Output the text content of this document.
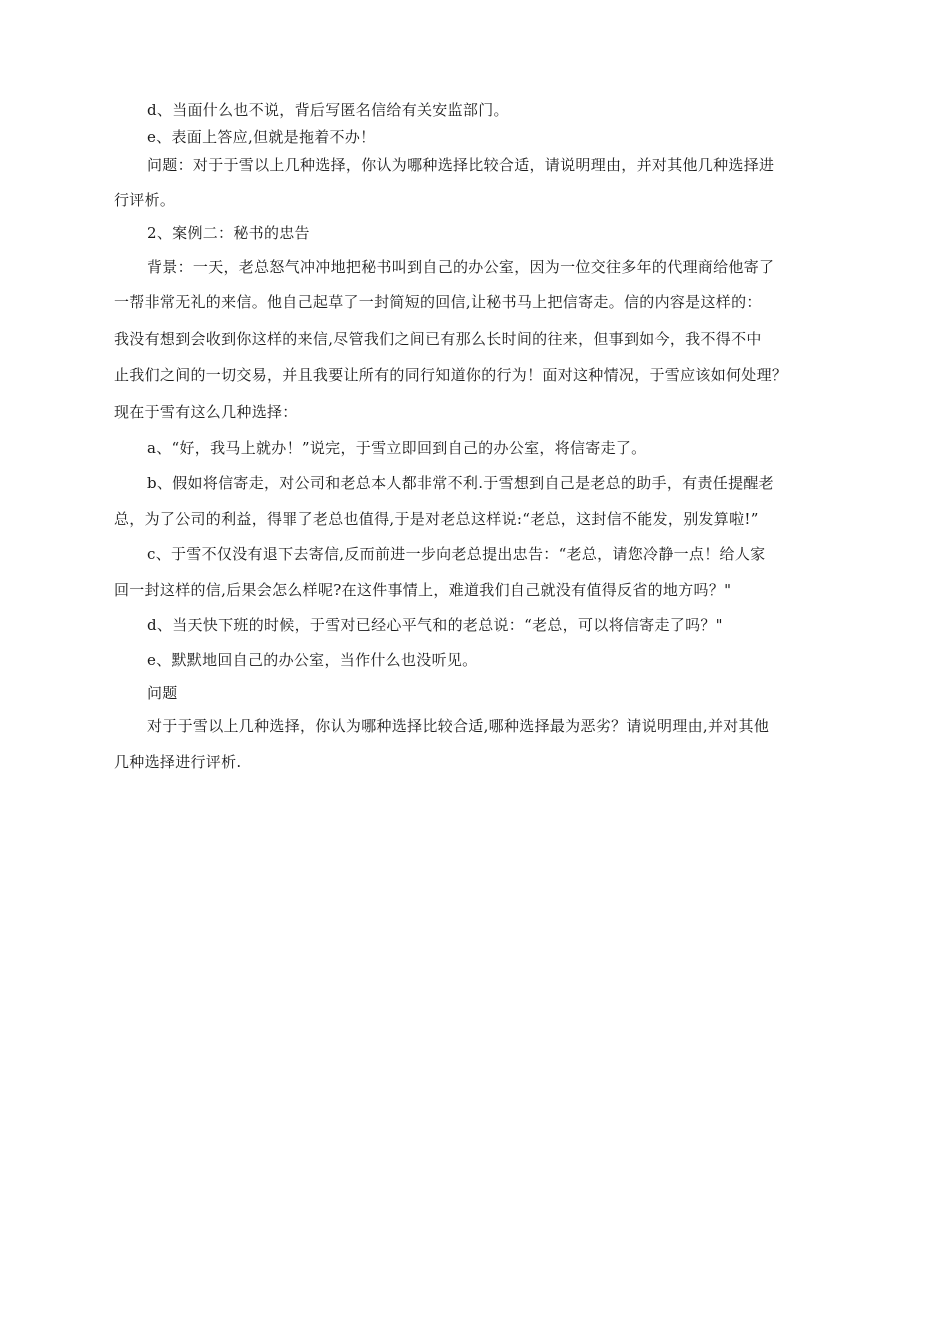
d、当面什么也不说，背后写匿名信给有关安监部门。
e、表面上答应,但就是拖着不办！
问题：对于于雪以上几种选择，你认为哪种选择比较合适，请说明理由，并对其他几种选择进
行评析。
2、案例二：秘书的忠告
背景：一天，老总怒气冲冲地把秘书叫到自己的办公室，因为一位交往多年的代理商给他寄了
一帮非常无礼的来信。他自己起草了一封简短的回信,让秘书马上把信寄走。信的内容是这样的：
我没有想到会收到你这样的来信,尽管我们之间已有那么长时间的往来，但事到如今，我不得不中
止我们之间的一切交易，并且我要让所有的同行知道你的行为！面对这种情况，于雪应该如何处理？
现在于雪有这么几种选择：
a、“好，我马上就办！”说完，于雪立即回到自己的办公室，将信寄走了。
b、假如将信寄走，对公司和老总本人都非常不利.于雪想到自己是老总的助手，有责任提醒老
总，为了公司的利益，得罪了老总也值得,于是对老总这样说:“老总，这封信不能发，别发算啦!”
c、于雪不仅没有退下去寄信,反而前进一步向老总提出忠告：“老总，请您冷静一点！给人家
回一封这样的信,后果会怎么样呢?在这件事情上，难道我们自己就没有值得反省的地方吗？"
d、当天快下班的时候，于雪对已经心平气和的老总说：“老总，可以将信寄走了吗？"
e、默默地回自己的办公室，当作什么也没听见。
问题
对于于雪以上几种选择，你认为哪种选择比较合适,哪种选择最为恶劣？请说明理由,并对其他
几种选择进行评析.
